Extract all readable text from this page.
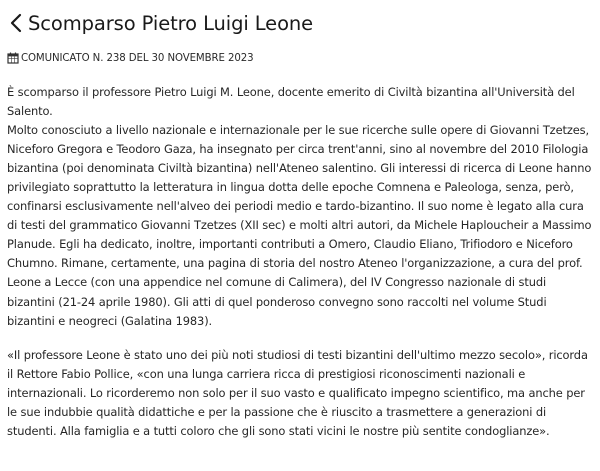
Scomparso Pietro Luigi Leone
COMUNICATO N. 238 DEL 30 NOVEMBRE 2023

È scomparso il professore Pietro Luigi M. Leone, docente emerito di Civiltà bizantina all'Università del Salento.

Molto conosciuto a livello nazionale e internazionale per le sue ricerche sulle opere di Giovanni Tzetzes, Niceforo Gregora e Teodoro Gaza, ha insegnato per circa trent'anni, sino al novembre del 2010 Filologia bizantina (poi denominata Civiltà bizantina) nell'Ateneo salentino. Gli interessi di ricerca di Leone hanno privilegiato soprattutto la letteratura in lingua dotta delle epoche Comnena e Paleologa, senza, però, confinarsi esclusivamente nell'alveo dei periodi medio e tardo-bizantino. Il suo nome è legato alla cura di testi del grammatico Giovanni Tzetzes (XII sec) e molti altri autori, da Michele Haploucheir a Massimo Planude. Egli ha dedicato, inoltre, importanti contributi a Omero, Claudio Eliano, Trifiodoro e Niceforo Chumno. Rimane, certamente, una pagina di storia del nostro Ateneo l'organizzazione, a cura del prof. Leone a Lecce (con una appendice nel comune di Calimera), del IV Congresso nazionale di studi bizantini (21-24 aprile 1980). Gli atti di quel ponderoso convegno sono raccolti nel volume Studi bizantini e neogreci (Galatina 1983).

«Il professore Leone è stato uno dei più noti studiosi di testi bizantini dell'ultimo mezzo secolo», ricorda il Rettore Fabio Pollice, «con una lunga carriera ricca di prestigiosi riconoscimenti nazionali e internazionali. Lo ricorderemo non solo per il suo vasto e qualificato impegno scientifico, ma anche per le sue indubbie qualità didattiche e per la passione che è riuscito a trasmettere a generazioni di studenti. Alla famiglia e a tutti coloro che gli sono stati vicini le nostre più sentite condoglianze».
